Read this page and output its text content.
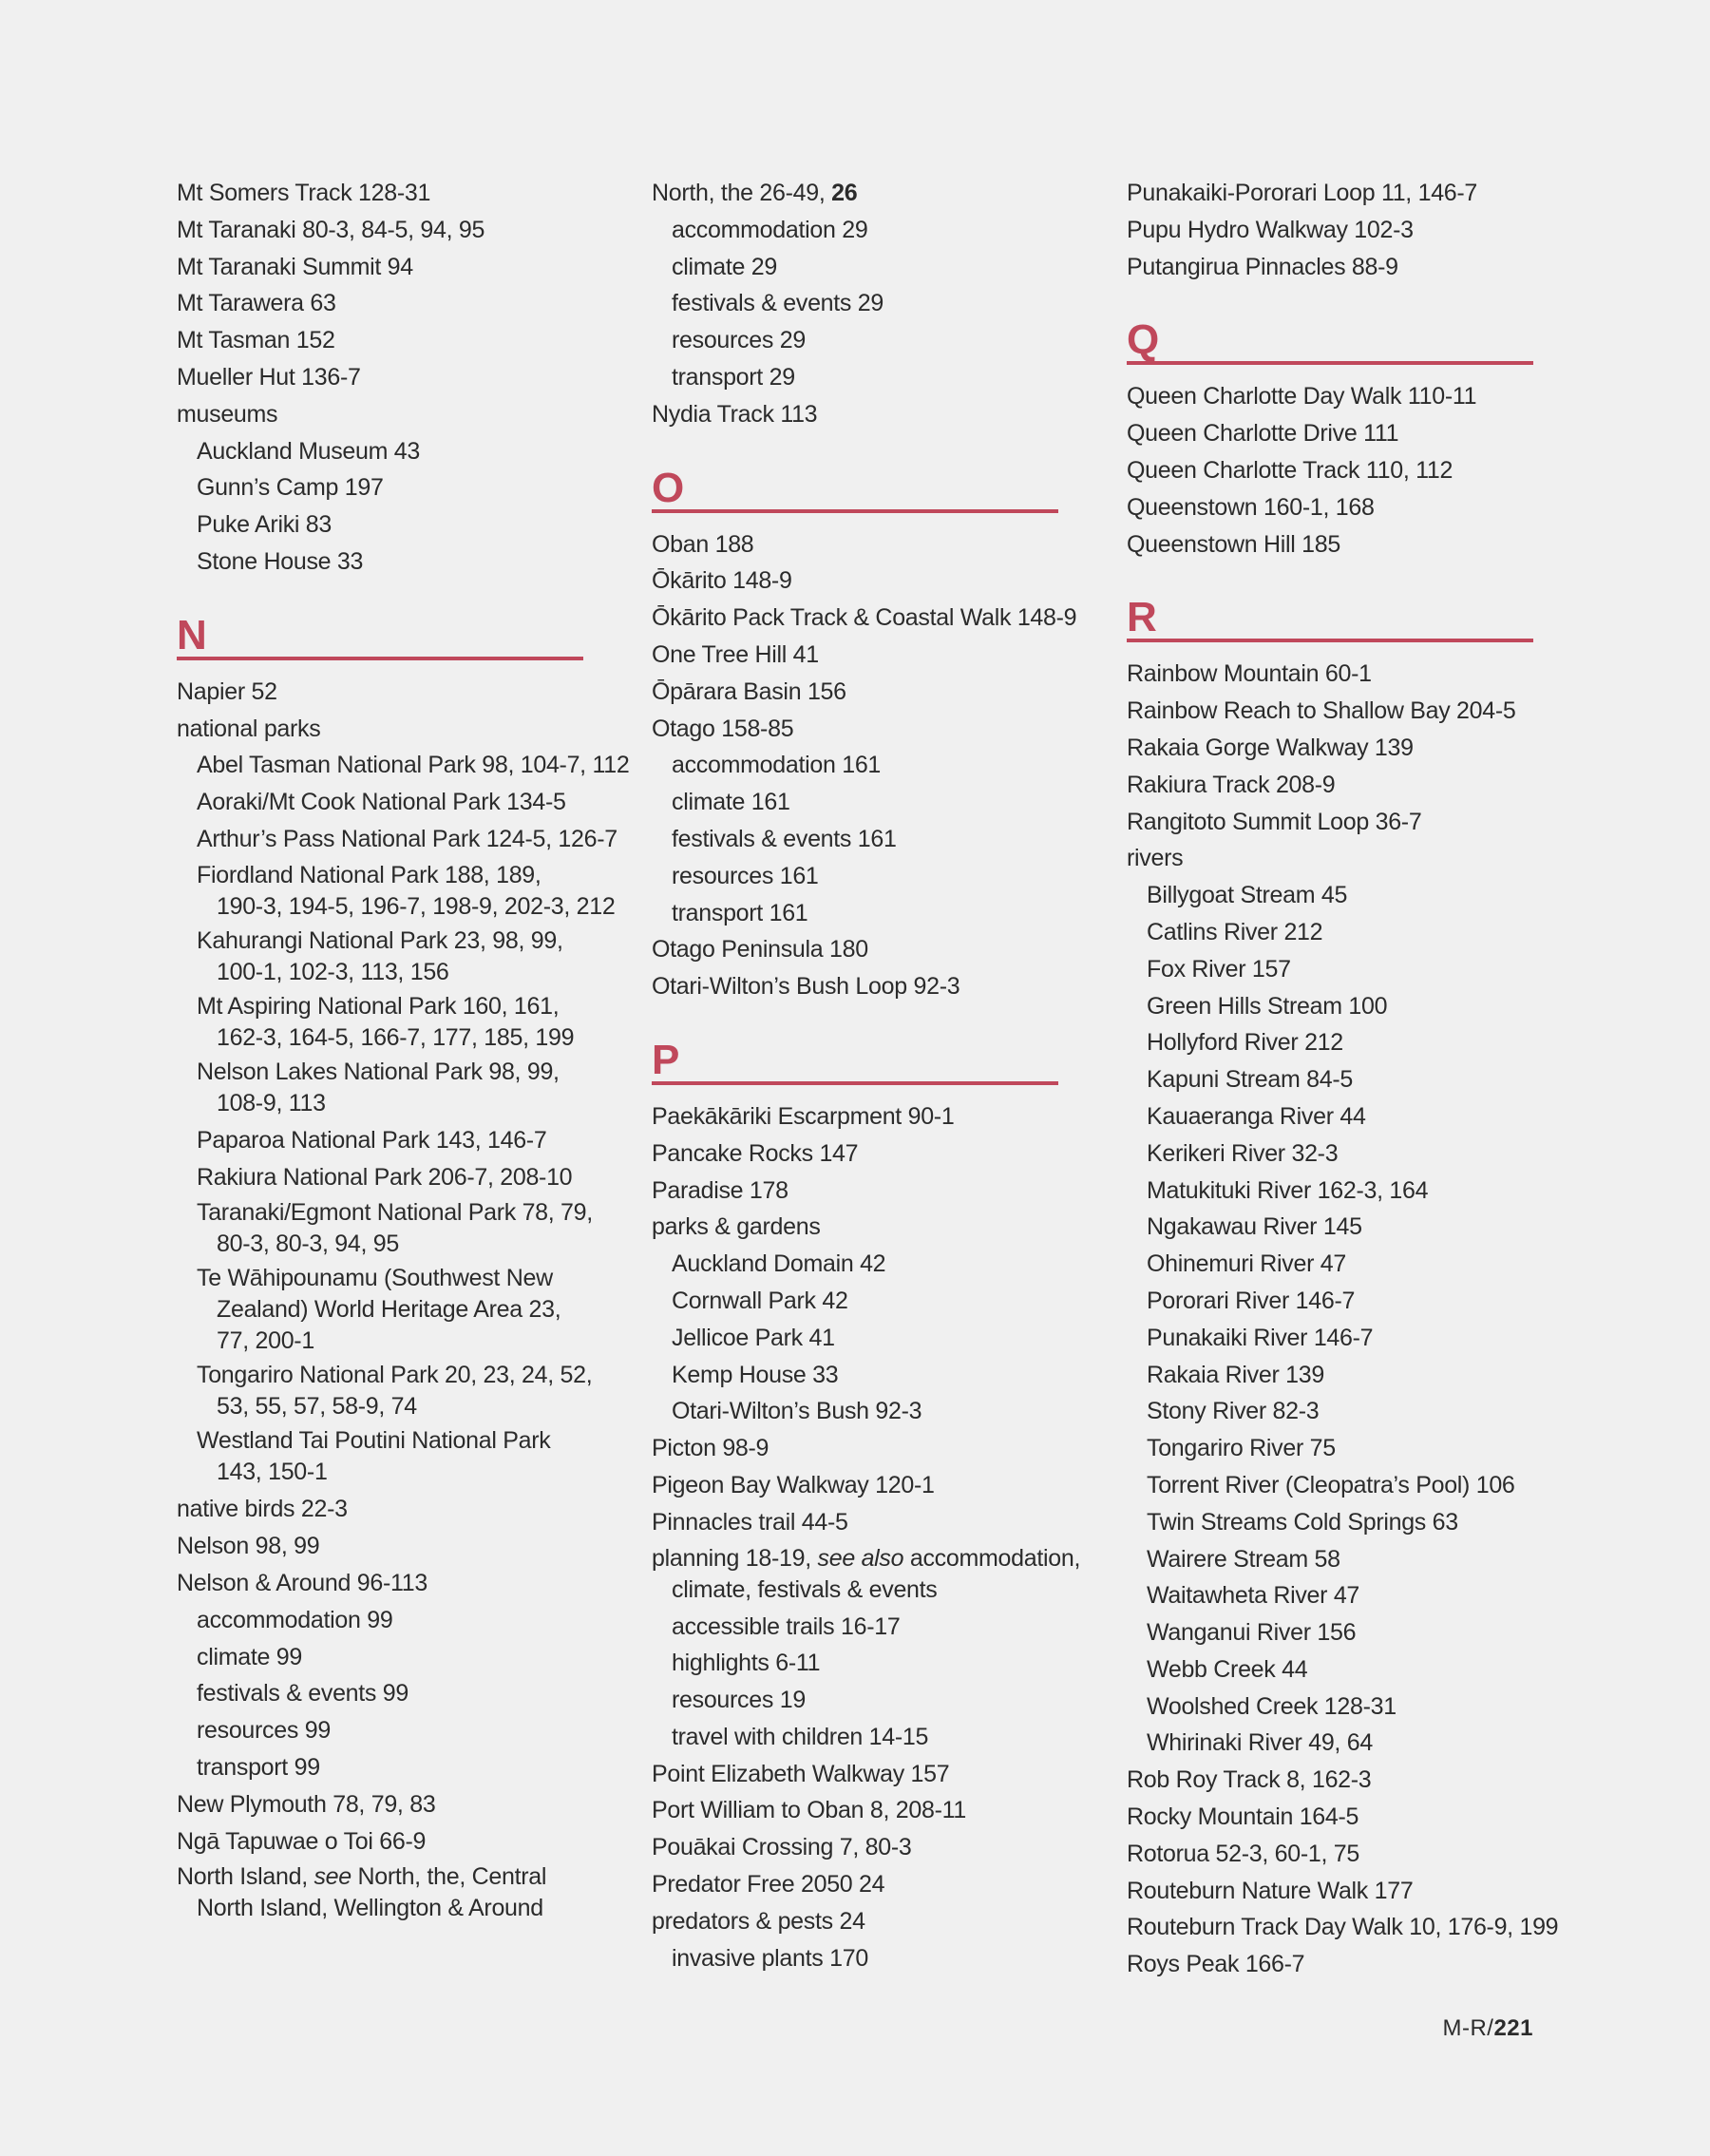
Mt Somers Track 128-31
Mt Taranaki 80-3, 84-5, 94, 95
Mt Taranaki Summit 94
Mt Tarawera 63
Mt Tasman 152
Mueller Hut 136-7
museums
Auckland Museum 43
Gunn’s Camp 197
Puke Ariki 83
Stone House 33
N
Napier 52
national parks
Abel Tasman National Park 98, 104-7, 112
Aoraki/Mt Cook National Park 134-5
Arthur’s Pass National Park 124-5, 126-7
Fiordland National Park 188, 189,
190-3, 194-5, 196-7, 198-9, 202-3, 212
Kahurangi National Park 23, 98, 99,
100-1, 102-3, 113, 156
Mt Aspiring National Park 160, 161,
162-3, 164-5, 166-7, 177, 185, 199
Nelson Lakes National Park 98, 99,
108-9, 113
Paparoa National Park 143, 146-7
Rakiura National Park 206-7, 208-10
Taranaki/Egmont National Park 78, 79,
80-3, 80-3, 94, 95
Te Wāhipounamu (Southwest New
Zealand) World Heritage Area 23,
77, 200-1
Tongariro National Park 20, 23, 24, 52,
53, 55, 57, 58-9, 74
Westland Tai Poutini National Park
143, 150-1
native birds 22-3
Nelson 98, 99
Nelson & Around 96-113
accommodation 99
climate 99
festivals & events 99
resources 99
transport 99
New Plymouth 78, 79, 83
Ngā Tapuwae o Toi 66-9
North Island, see North, the, Central
North Island, Wellington & Around
North, the 26-49, 26
accommodation 29
climate 29
festivals & events 29
resources 29
transport 29
Nydia Track 113
O
Oban 188
Ōkārito 148-9
Ōkārito Pack Track & Coastal Walk 148-9
One Tree Hill 41
Ōpārara Basin 156
Otago 158-85
accommodation 161
climate 161
festivals & events 161
resources 161
transport 161
Otago Peninsula 180
Otari-Wilton’s Bush Loop 92-3
P
Paekākāriki Escarpment 90-1
Pancake Rocks 147
Paradise 178
parks & gardens
Auckland Domain 42
Cornwall Park 42
Jellicoe Park 41
Kemp House 33
Otari-Wilton’s Bush 92-3
Picton 98-9
Pigeon Bay Walkway 120-1
Pinnacles trail 44-5
planning 18-19, see also accommodation,
climate, festivals & events
accessible trails 16-17
highlights 6-11
resources 19
travel with children 14-15
Point Elizabeth Walkway 157
Port William to Oban 8, 208-11
Pouākai Crossing 7, 80-3
Predator Free 2050 24
predators & pests 24
invasive plants 170
Punakaiki-Pororari Loop 11, 146-7
Pupu Hydro Walkway 102-3
Putangirua Pinnacles 88-9
Q
Queen Charlotte Day Walk 110-11
Queen Charlotte Drive 111
Queen Charlotte Track 110, 112
Queenstown 160-1, 168
Queenstown Hill 185
R
Rainbow Mountain 60-1
Rainbow Reach to Shallow Bay 204-5
Rakaia Gorge Walkway 139
Rakiura Track 208-9
Rangitoto Summit Loop 36-7
rivers
Billygoat Stream 45
Catlins River 212
Fox River 157
Green Hills Stream 100
Hollyford River 212
Kapuni Stream 84-5
Kauaeranga River 44
Kerikeri River 32-3
Matukituki River 162-3, 164
Ngakawau River 145
Ohinemuri River 47
Pororari River 146-7
Punakaiki River 146-7
Rakaia River 139
Stony River 82-3
Tongariro River 75
Torrent River (Cleopatra’s Pool) 106
Twin Streams Cold Springs 63
Wairere Stream 58
Waitawheta River 47
Wanganui River 156
Webb Creek 44
Woolshed Creek 128-31
Whirinaki River 49, 64
Rob Roy Track 8, 162-3
Rocky Mountain 164-5
Rotorua 52-3, 60-1, 75
Routeburn Nature Walk 177
Routeburn Track Day Walk 10, 176-9, 199
Roys Peak 166-7
M-R/221
